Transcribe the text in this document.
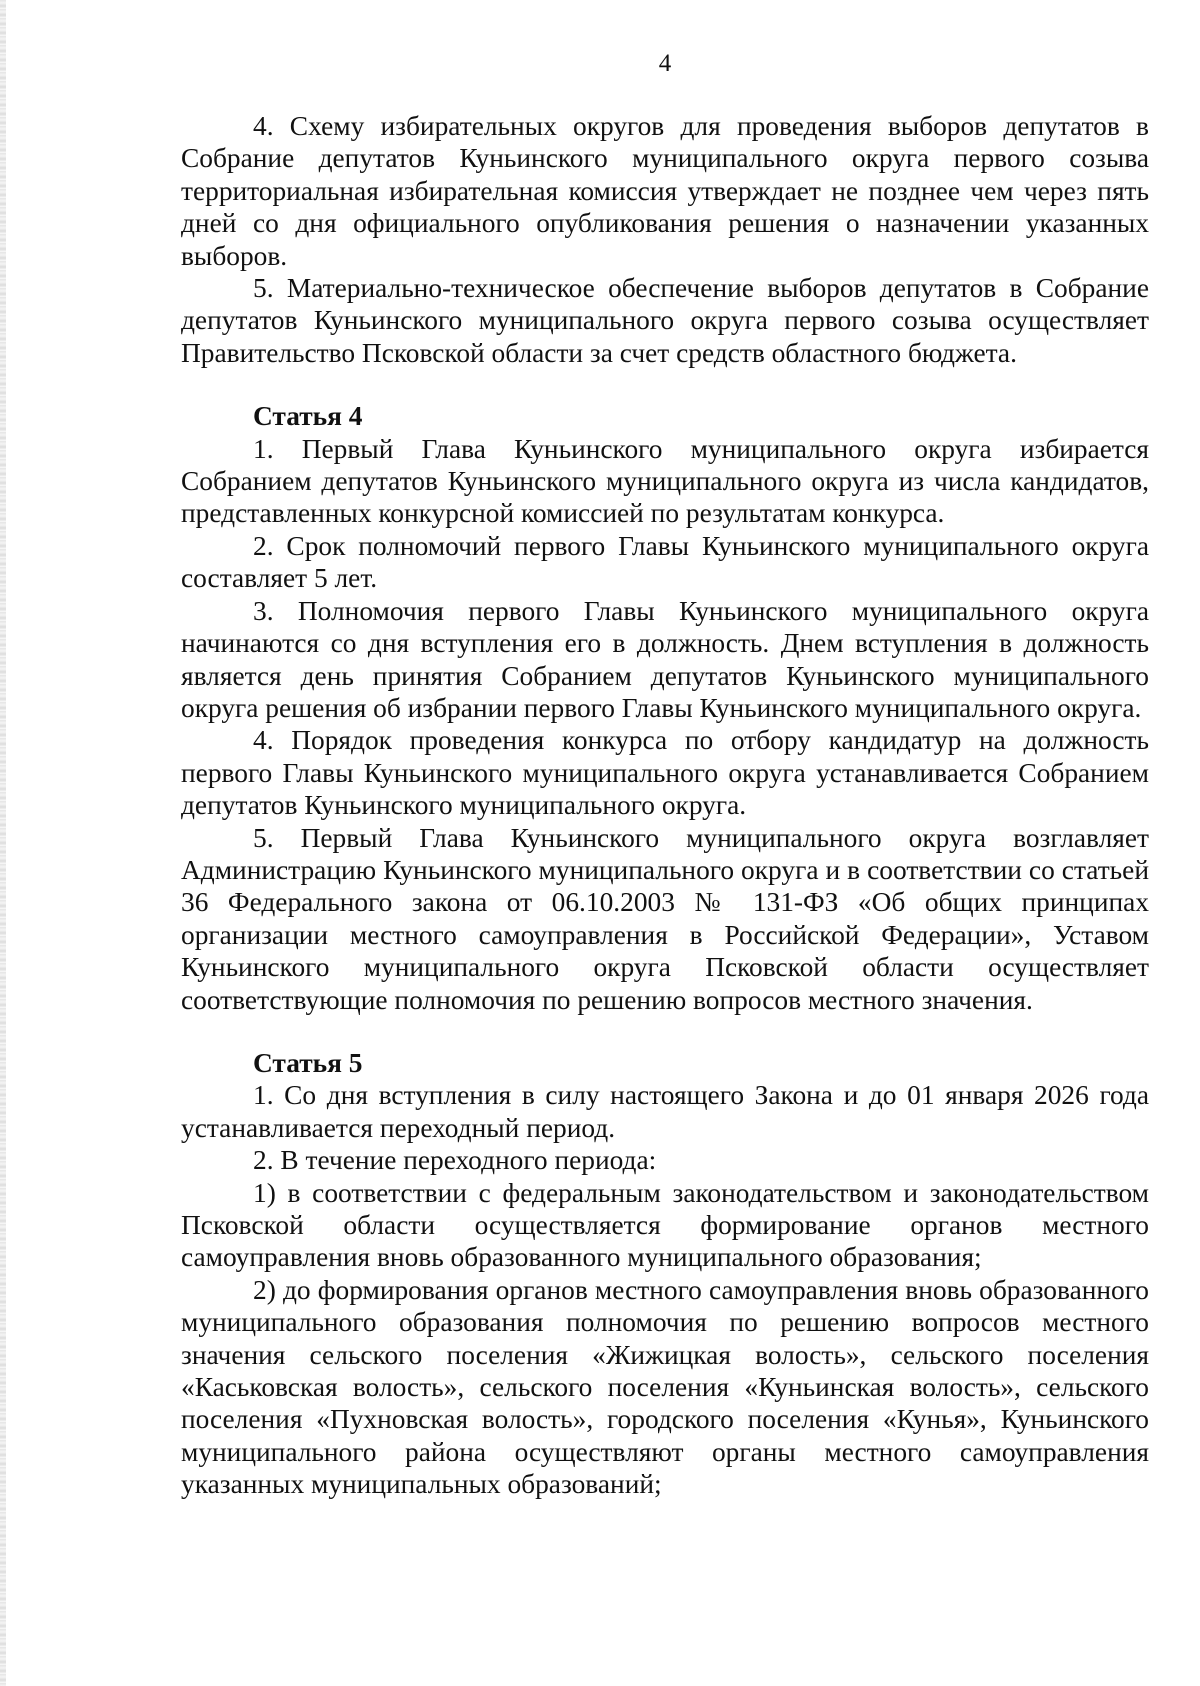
4

4. Схему избирательных округов для проведения выборов депутатов в Собрание депутатов Куньинского муниципального округа первого созыва территориальная избирательная комиссия утверждает не позднее чем через пять дней со дня официального опубликования решения о назначении указанных выборов.

5. Материально-техническое обеспечение выборов депутатов в Собрание депутатов Куньинского муниципального округа первого созыва осуществляет Правительство Псковской области за счет средств областного бюджета.

Статья 4

1. Первый Глава Куньинского муниципального округа избирается Собранием депутатов Куньинского муниципального округа из числа кандидатов, представленных конкурсной комиссией по результатам конкурса.

2. Срок полномочий первого Главы Куньинского муниципального округа составляет 5 лет.

3. Полномочия первого Главы Куньинского муниципального округа начинаются со дня вступления его в должность. Днем вступления в должность является день принятия Собранием депутатов Куньинского муниципального округа решения об избрании первого Главы Куньинского муниципального округа.

4. Порядок проведения конкурса по отбору кандидатур на должность первого Главы Куньинского муниципального округа устанавливается Собранием депутатов Куньинского муниципального округа.

5. Первый Глава Куньинского муниципального округа возглавляет Администрацию Куньинского муниципального округа и в соответствии со статьей 36 Федерального закона от 06.10.2003 № 131-ФЗ «Об общих принципах организации местного самоуправления в Российской Федерации», Уставом Куньинского муниципального округа Псковской области осуществляет соответствующие полномочия по решению вопросов местного значения.

Статья 5

1. Со дня вступления в силу настоящего Закона и до 01 января 2026 года устанавливается переходный период.

2. В течение переходного периода:

1) в соответствии с федеральным законодательством и законодательством Псковской области осуществляется формирование органов местного самоуправления вновь образованного муниципального образования;

2) до формирования органов местного самоуправления вновь образованного муниципального образования полномочия по решению вопросов местного значения сельского поселения «Жижицкая волость», сельского поселения «Каськовская волость», сельского поселения «Куньинская волость», сельского поселения «Пухновская волость», городского поселения «Кунья», Куньинского муниципального района осуществляют органы местного самоуправления указанных муниципальных образований;
